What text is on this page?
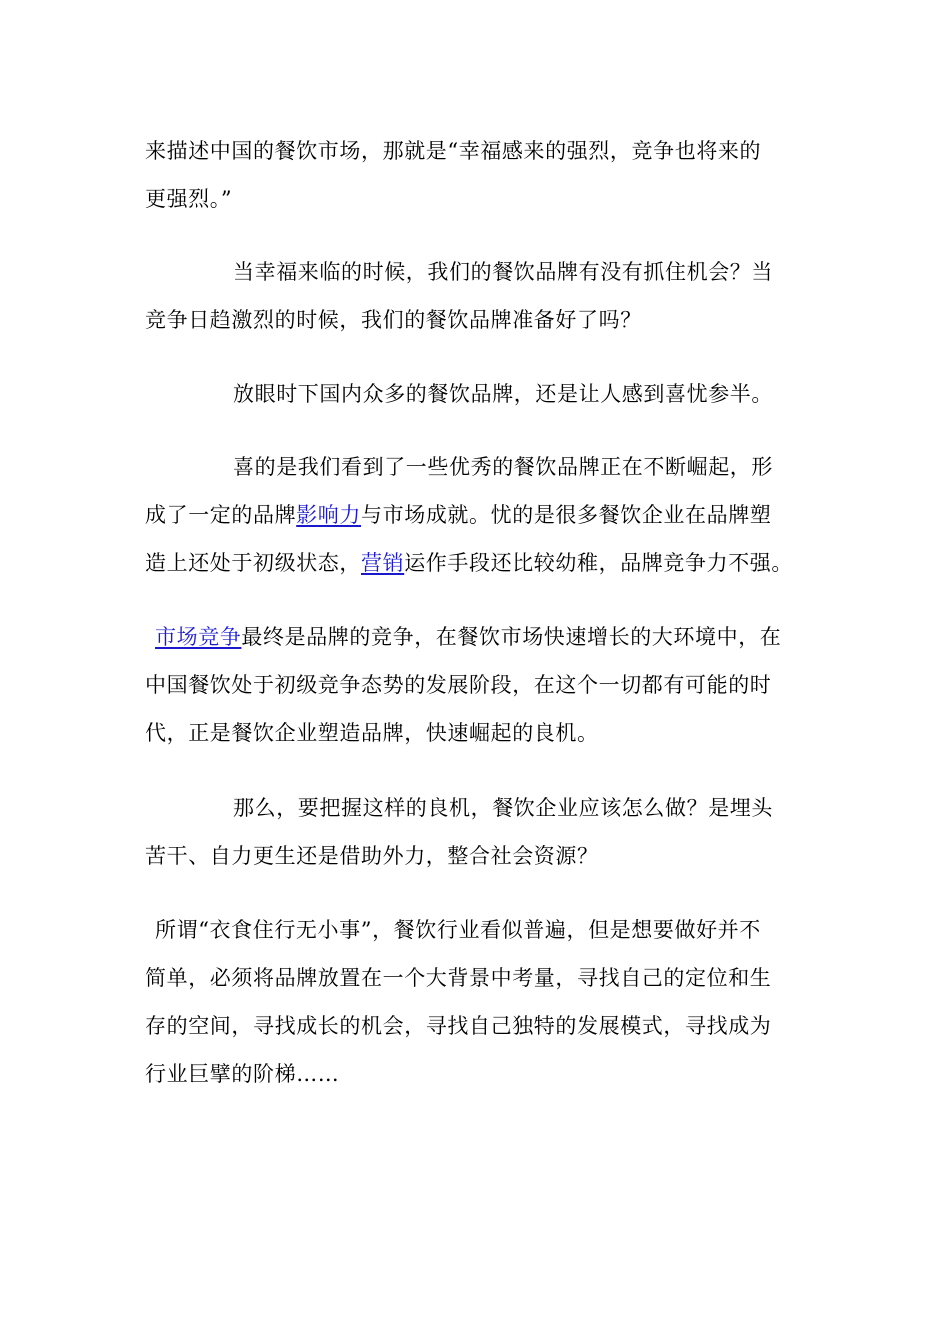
来描述中国的餐饮市场，那就是“幸福感来的强烈，竞争也将来的
更强烈。”

当幸福来临的时候，我们的餐饮品牌有没有抓住机会？当
竞争日趋激烈的时候，我们的餐饮品牌准备好了吗？

放眼时下国内众多的餐饮品牌，还是让人感到喜忧参半。

喜的是我们看到了一些优秀的餐饮品牌正在不断崛起，形
成了一定的品牌影响力与市场成就。忧的是很多餐饮企业在品牌塑
造上还处于初级状态，营销运作手段还比较幼稚，品牌竞争力不强。

市场竞争最终是品牌的竞争，在餐饮市场快速增长的大环境中，在
中国餐饮处于初级竞争态势的发展阶段，在这个一切都有可能的时
代，正是餐饮企业塑造品牌，快速崛起的良机。

那么，要把握这样的良机，餐饮企业应该怎么做？是埋头
苦干、自力更生还是借助外力，整合社会资源？

所谓“衣食住行无小事”，餐饮行业看似普遍，但是想要做好并不
简单，必须将品牌放置在一个大背景中考量，寻找自己的定位和生
存的空间，寻找成长的机会，寻找自己独特的发展模式，寻找成为
行业巨擘的阶梯……
